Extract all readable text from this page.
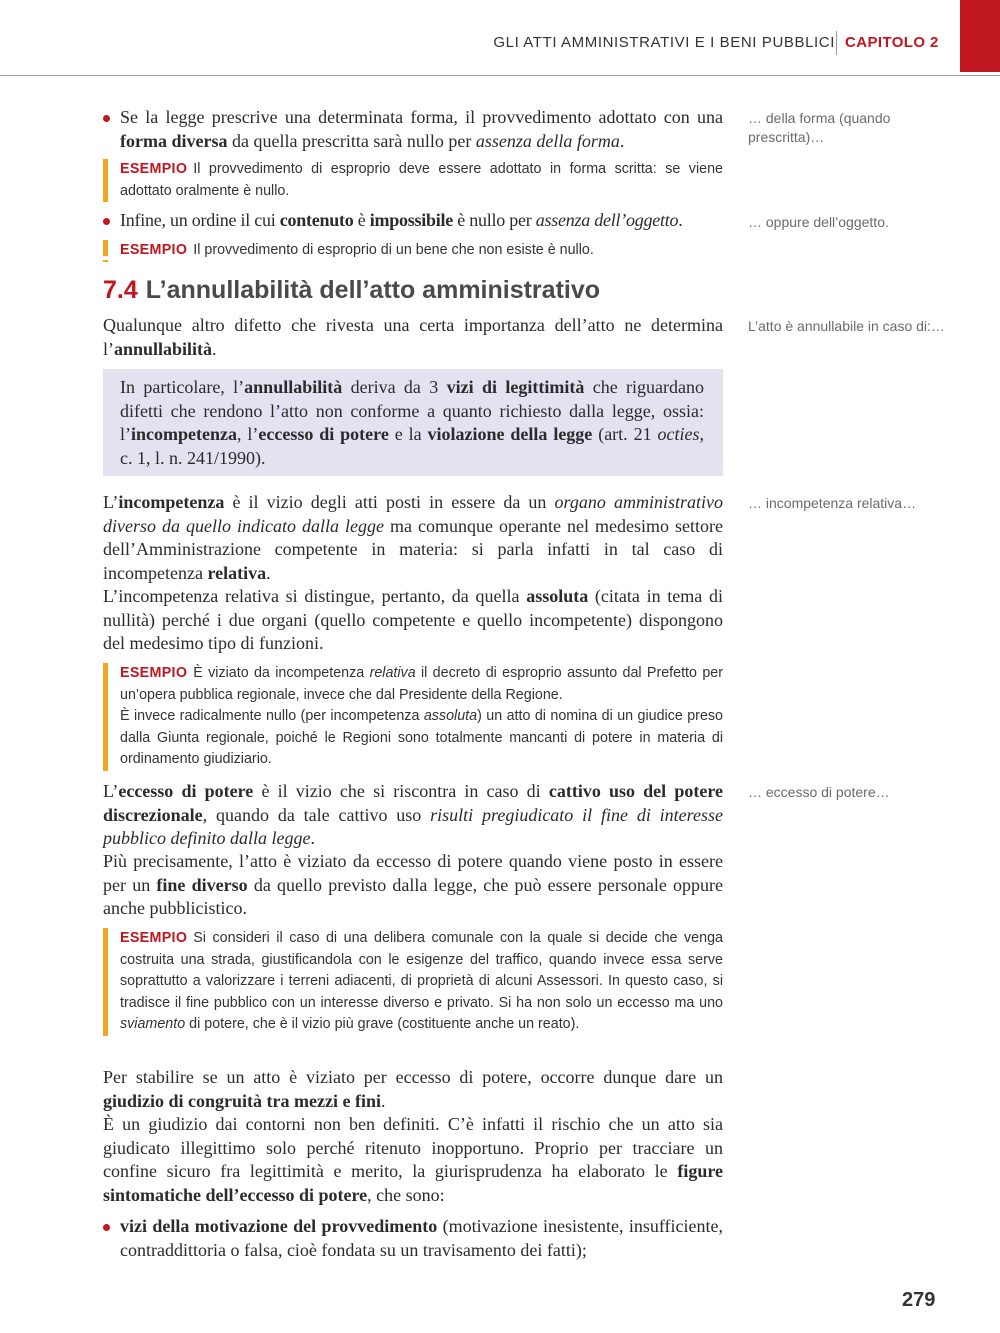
GLI ATTI AMMINISTRATIVI E I BENI PUBBLICI CAPITOLO 2
Se la legge prescrive una determinata forma, il provvedimento adottato con una forma diversa da quella prescritta sarà nullo per assenza della forma.
… della forma (quando prescritta)…
ESEMPIO Il provvedimento di esproprio deve essere adottato in forma scritta: se viene adottato oralmente è nullo.
Infine, un ordine il cui contenuto è impossibile è nullo per assenza dell’oggetto.	… oppure dell’oggetto.
ESEMPIO Il provvedimento di esproprio di un bene che non esiste è nullo.
7.4 L’annullabilità dell’atto amministrativo
Qualunque altro difetto che rivesta una certa importanza dell’atto ne determina l’annullabilità.
L’atto è annullabile in caso di:…
In particolare, l’annullabilità deriva da 3 vizi di legittimità che riguardano difetti che rendono l’atto non conforme a quanto richiesto dalla legge, ossia: l’incompetenza, l’eccesso di potere e la violazione della legge (art. 21 octies, c. 1, l. n. 241/1990).
L’incompetenza è il vizio degli atti posti in essere da un organo amministrativo diverso da quello indicato dalla legge ma comunque operante nel medesimo settore dell’Amministrazione competente in materia: si parla infatti in tal caso di incompetenza relativa.
… incompetenza relativa…
L’incompetenza relativa si distingue, pertanto, da quella assoluta (citata in tema di nullità) perché i due organi (quello competente e quello incompetente) dispongono del medesimo tipo di funzioni.
ESEMPIO È viziato da incompetenza relativa il decreto di esproprio assunto dal Prefetto per un’opera pubblica regionale, invece che dal Presidente della Regione.
È invece radicalmente nullo (per incompetenza assoluta) un atto di nomina di un giudice preso dalla Giunta regionale, poiché le Regioni sono totalmente mancanti di potere in materia di ordinamento giudiziario.
L’eccesso di potere è il vizio che si riscontra in caso di cattivo uso del potere discrezionale, quando da tale cattivo uso risulti pregiudicato il fine di interesse pubblico definito dalla legge.
… eccesso di potere…
Più precisamente, l’atto è viziato da eccesso di potere quando viene posto in essere per un fine diverso da quello previsto dalla legge, che può essere personale oppure anche pubblicistico.
ESEMPIO Si consideri il caso di una delibera comunale con la quale si decide che venga costruita una strada, giustificandola con le esigenze del traffico, quando invece essa serve soprattutto a valorizzare i terreni adiacenti, di proprietà di alcuni Assessori. In questo caso, si tradisce il fine pubblico con un interesse diverso e privato. Si ha non solo un eccesso ma uno sviamento di potere, che è il vizio più grave (costituente anche un reato).
Per stabilire se un atto è viziato per eccesso di potere, occorre dunque dare un giudizio di congruità tra mezzi e fini.
È un giudizio dai contorni non ben definiti. C’è infatti il rischio che un atto sia giudicato illegittimo solo perché ritenuto inopportuno. Proprio per tracciare un confine sicuro fra legittimità e merito, la giurisprudenza ha elaborato le figure sintomatiche dell’eccesso di potere, che sono:
vizi della motivazione del provvedimento (motivazione inesistente, insufficiente, contraddittoria o falsa, cioè fondata su un travisamento dei fatti);
279
